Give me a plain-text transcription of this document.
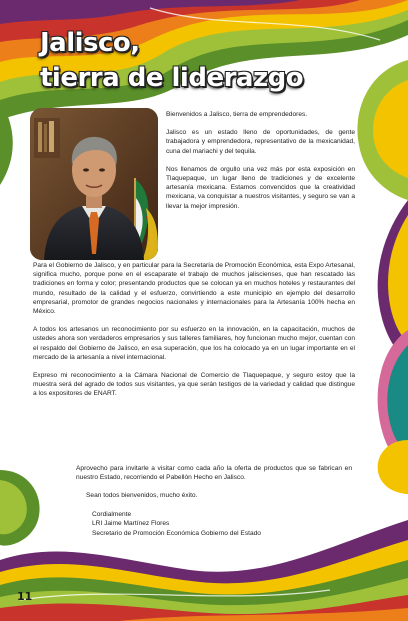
Jalisco,
tierra de liderazgo

Bienvenidos a Jalisco, tierra de emprendedores.

Jalisco es un estado lleno de oportunidades, de gente trabajadora y emprendedora, representativo de la mexicanidad, cuna del mariachi y del tequila.

Nos llenamos de orgullo una vez más por esta exposición en Tlaquepaque, un lugar lleno de tradiciones y de excelente artesanía mexicana. Estamos convencidos que la creatividad mexicana, va conquistar a nuestros visitantes, y seguro se van a llevar la mejor impresión.

Para el Gobierno de Jalisco, y en particular para la Secretaría de Promoción Económica, esta Expo Artesanal, significa mucho, porque pone en el escaparate el trabajo de muchos jaliscienses, que han rescatado las tradiciones en forma y color; presentando productos que se colocan ya en muchos hoteles y restaurantes del mundo, resultado de la calidad y el esfuerzo, convirtiendo a este municipio en ejemplo del desarrollo empresarial, promotor de grandes negocios nacionales y internacionales para la Artesanía 100% hecha en México.

A todos los artesanos un reconocimiento por su esfuerzo en la innovación, en la capacitación, muchos de ustedes ahora son verdaderos empresarios y sus talleres familiares, hoy funcionan mucho mejor, cuentan con el respaldo del Gobierno de Jalisco, en esa superación, que los ha colocado ya en un lugar importante en el mercado de la artesanía a nivel internacional.

Expreso mi reconocimiento a la Cámara Nacional de Comercio de Tlaquepaque, y seguro estoy que la muestra será del agrado de todos sus visitantes, ya que serán testigos de la variedad y calidad que distingue a los expositores de ENART.

Aprovecho para invitarle a visitar como cada año la oferta de productos que se fabrican en nuestro Estado, recorriendo el Pabellón Hecho en Jalisco.

Sean todos bienvenidos, mucho éxito.

Cordialmente
LRI Jaime Martínez Flores
Secretario de Promoción Económica Gobierno del Estado
11
